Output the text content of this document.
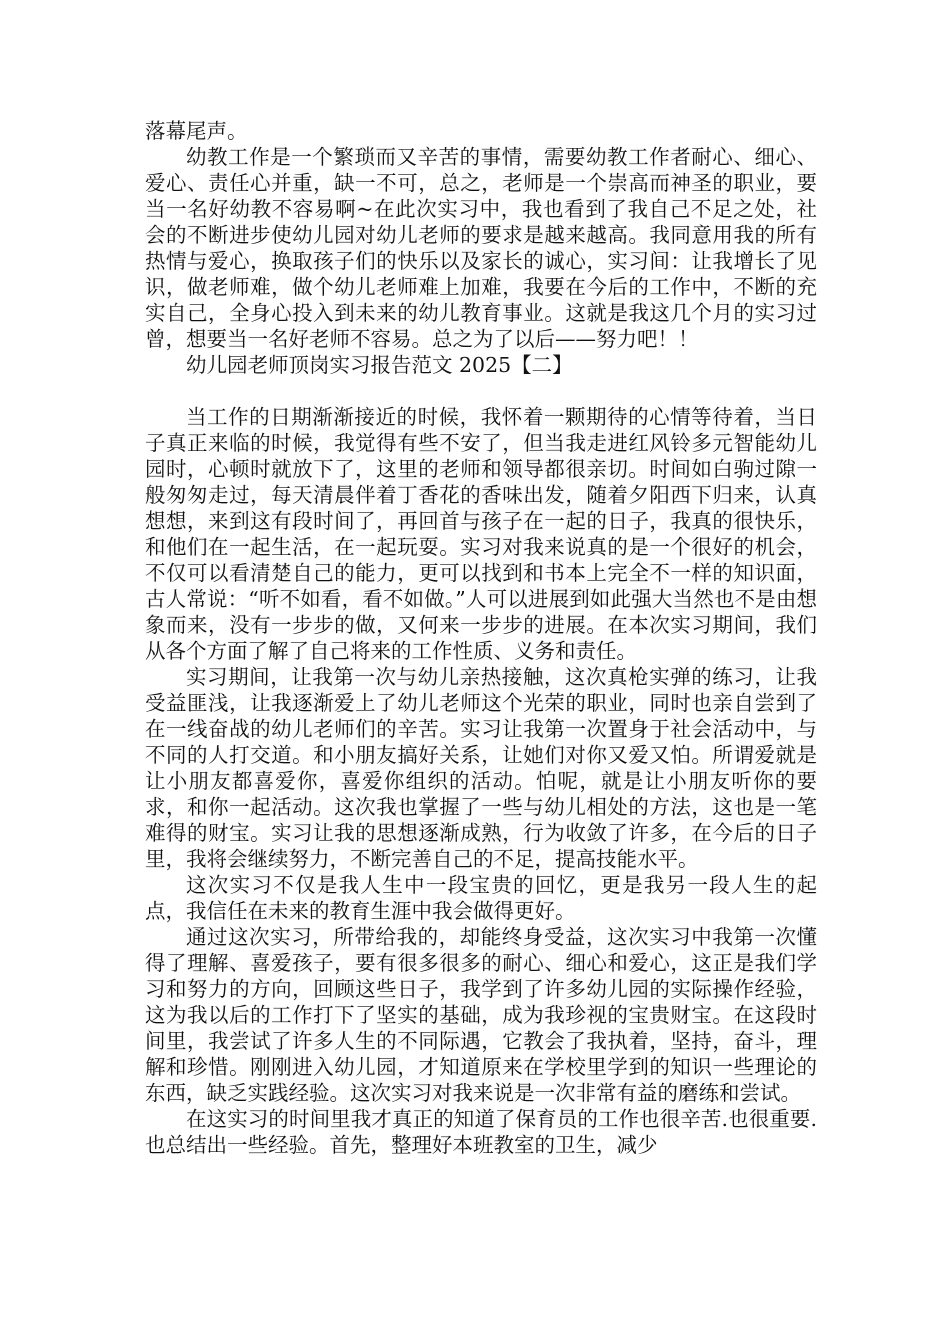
落幕尾声。

幼教工作是一个繁琐而又辛苦的事情，需要幼教工作者耐心、细心、爱心、责任心并重，缺一不可，总之，老师是一个崇高而神圣的职业，要当一名好幼教不容易啊~在此次实习中，我也看到了我自己不足之处，社会的不断进步使幼儿园对幼儿老师的要求是越来越高。我同意用我的所有热情与爱心，换取孩子们的快乐以及家长的诚心，实习间：让我增长了见识，做老师难，做个幼儿老师难上加难，我要在今后的工作中，不断的充实自己，全身心投入到未来的幼儿教育事业。这就是我这几个月的实习过曾，想要当一名好老师不容易。总之为了以后——努力吧！！

幼儿园老师顶岗实习报告范文 2025【二】

当工作的日期渐渐接近的时候，我怀着一颗期待的心情等待着，当日子真正来临的时候，我觉得有些不安了，但当我走进红风铃多元智能幼儿园时，心顿时就放下了，这里的老师和领导都很亲切。时间如白驹过隙一般匆匆走过，每天清晨伴着丁香花的香味出发，随着夕阳西下归来，认真想想，来到这有段时间了，再回首与孩子在一起的日子，我真的很快乐，和他们在一起生活，在一起玩耍。实习对我来说真的是一个很好的机会，不仅可以看清楚自己的能力，更可以找到和书本上完全不一样的知识面，古人常说：“听不如看，看不如做。”人可以进展到如此强大当然也不是由想象而来，没有一步步的做，又何来一步步的进展。在本次实习期间，我们从各个方面了解了自己将来的工作性质、义务和责任。

实习期间，让我第一次与幼儿亲热接触，这次真枪实弹的练习，让我受益匪浅，让我逐渐爱上了幼儿老师这个光荣的职业，同时也亲自尝到了在一线奋战的幼儿老师们的辛苦。实习让我第一次置身于社会活动中，与不同的人打交道。和小朋友搞好关系，让她们对你又爱又怕。所谓爱就是让小朋友都喜爱你，喜爱你组织的活动。怕呢，就是让小朋友听你的要求，和你一起活动。这次我也掌握了一些与幼儿相处的方法，这也是一笔难得的财宝。实习让我的思想逐渐成熟，行为收敛了许多，在今后的日子里，我将会继续努力，不断完善自己的不足，提高技能水平。

这次实习不仅是我人生中一段宝贵的回忆，更是我另一段人生的起点，我信任在未来的教育生涯中我会做得更好。

通过这次实习，所带给我的，却能终身受益，这次实习中我第一次懂得了理解、喜爱孩子，要有很多很多的耐心、细心和爱心，这正是我们学习和努力的方向，回顾这些日子，我学到了许多幼儿园的实际操作经验，这为我以后的工作打下了坚实的基础，成为我珍视的宝贵财宝。在这段时间里，我尝试了许多人生的不同际遇，它教会了我执着，坚持，奋斗，理解和珍惜。刚刚进入幼儿园，才知道原来在学校里学到的知识一些理论的东西，缺乏实践经验。这次实习对我来说是一次非常有益的磨练和尝试。

在这实习的时间里我才真正的知道了保育员的工作也很辛苦.也很重要.也总结出一些经验。首先，整理好本班教室的卫生，减少
